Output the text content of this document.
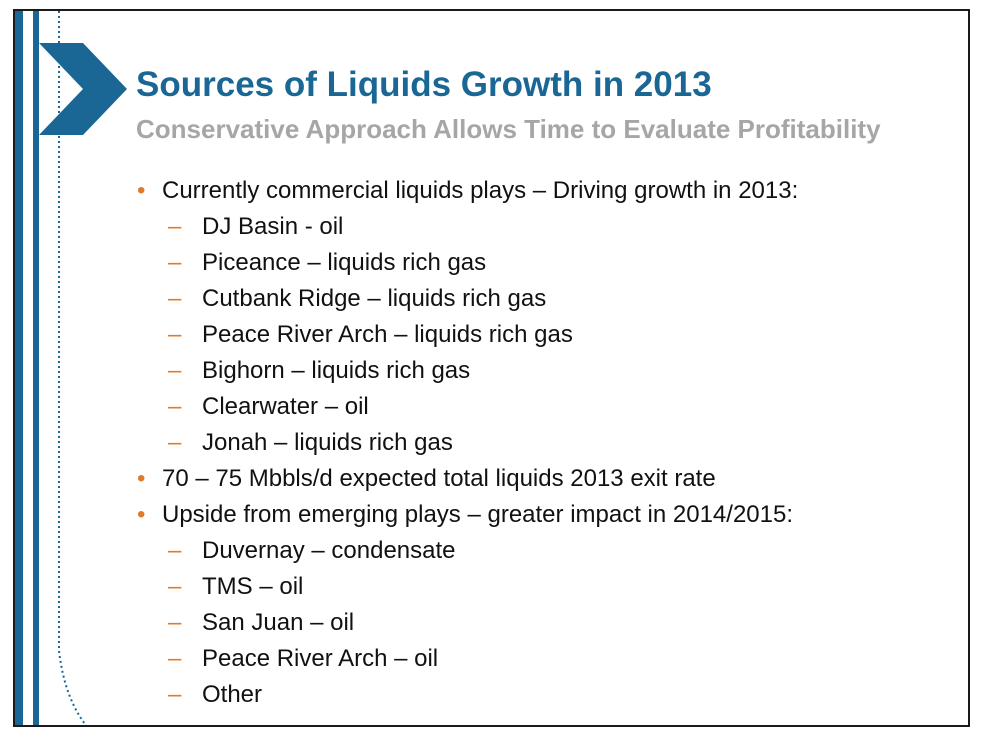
Sources of Liquids Growth in 2013
Conservative Approach Allows Time to Evaluate Profitability
• Currently commercial liquids plays – Driving growth in 2013:
– DJ Basin - oil
– Piceance – liquids rich gas
– Cutbank Ridge – liquids rich gas
– Peace River Arch – liquids rich gas
– Bighorn – liquids rich gas
– Clearwater – oil
– Jonah – liquids rich gas
• 70 – 75 Mbbls/d expected total liquids 2013 exit rate
• Upside from emerging plays – greater impact in 2014/2015:
– Duvernay – condensate
– TMS – oil
– San Juan – oil
– Peace River Arch – oil
– Other
